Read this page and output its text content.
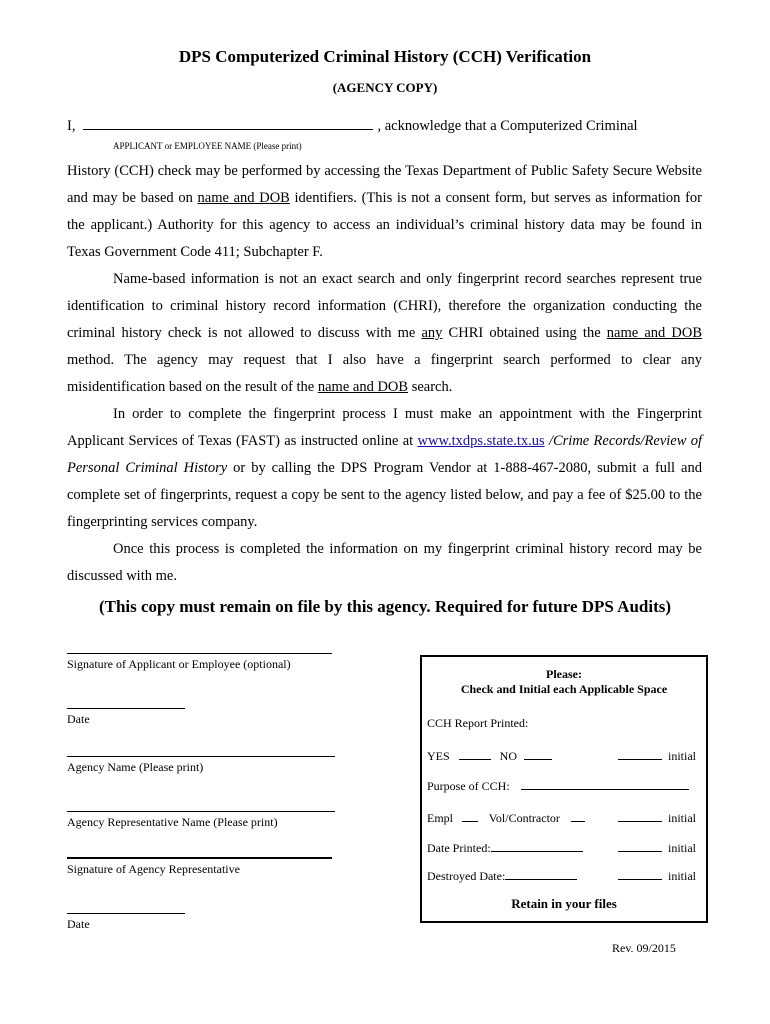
DPS Computerized Criminal History (CCH) Verification
(AGENCY COPY)
I,	, acknowledge that a Computerized Criminal
APPLICANT or EMPLOYEE NAME (Please print)

History (CCH) check may be performed by accessing the Texas Department of Public Safety Secure Website and may be based on name and DOB identifiers. (This is not a consent form, but serves as information for the applicant.) Authority for this agency to access an individual’s criminal history data may be found in Texas Government Code 411; Subchapter F.

Name-based information is not an exact search and only fingerprint record searches represent true identification to criminal history record information (CHRI), therefore the organization conducting the criminal history check is not allowed to discuss with me any CHRI obtained using the name and DOB method. The agency may request that I also have a fingerprint search performed to clear any misidentification based on the result of the name and DOB search.

In order to complete the fingerprint process I must make an appointment with the Fingerprint Applicant Services of Texas (FAST) as instructed online at www.txdps.state.tx.us /Crime Records/Review of Personal Criminal History or by calling the DPS Program Vendor at 1-888-467-2080, submit a full and complete set of fingerprints, request a copy be sent to the agency listed below, and pay a fee of $25.00 to the fingerprinting services company.

Once this process is completed the information on my fingerprint criminal history record may be discussed with me.

(This copy must remain on file by this agency. Required for future DPS Audits)
Signature of Applicant or Employee (optional)
Date
Agency Name (Please print)
Agency Representative Name (Please print)
Signature of Agency Representative
Date
Please:
Check and Initial each Applicable Space
CCH Report Printed:
YES	NO	initial
Purpose of CCH:
Empl	Vol/Contractor	initial
Date Printed:	initial
Destroyed Date:	initial
Retain in your files
Rev. 09/2015
